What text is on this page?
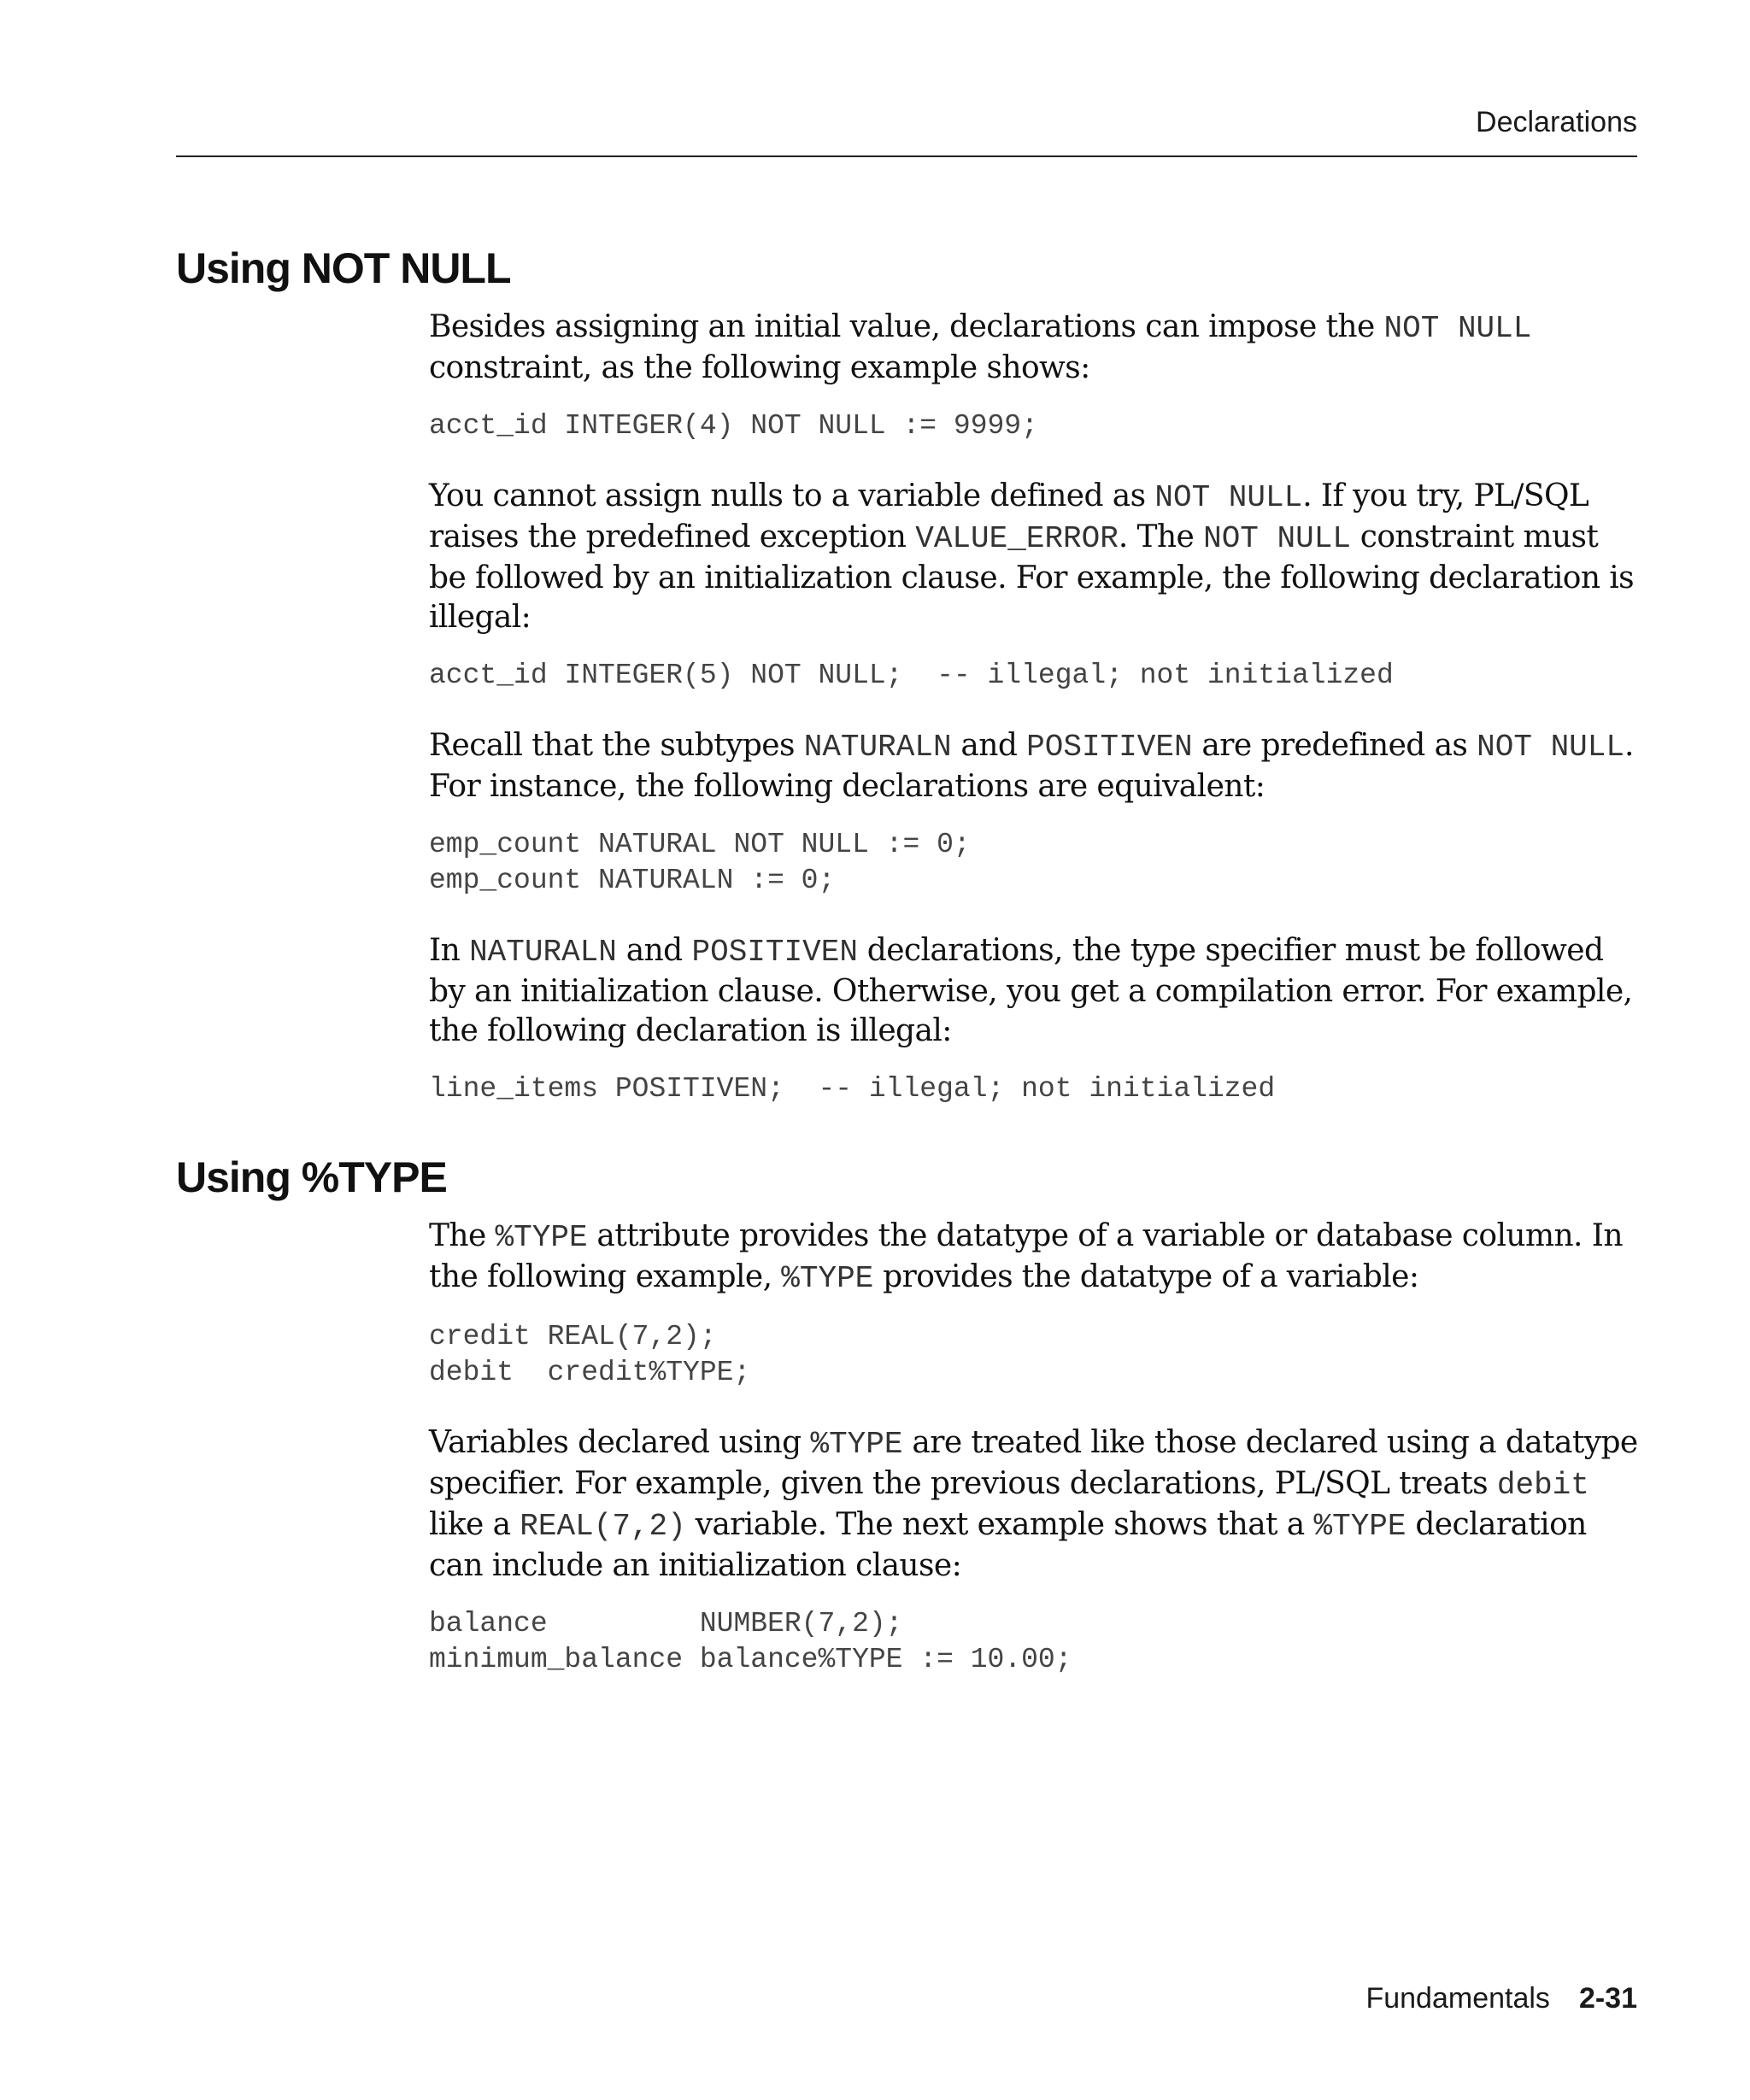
Declarations
Using NOT NULL

Besides assigning an initial value, declarations can impose the NOT NULL constraint, as the following example shows:

acct_id INTEGER(4) NOT NULL := 9999;

You cannot assign nulls to a variable defined as NOT NULL. If you try, PL/SQL raises the predefined exception VALUE_ERROR. The NOT NULL constraint must be followed by an initialization clause. For example, the following declaration is illegal:

acct_id INTEGER(5) NOT NULL;  -- illegal; not initialized

Recall that the subtypes NATURALN and POSITIVEN are predefined as NOT NULL. For instance, the following declarations are equivalent:

emp_count NATURAL NOT NULL := 0;
emp_count NATURALN := 0;

In NATURALN and POSITIVEN declarations, the type specifier must be followed by an initialization clause. Otherwise, you get a compilation error. For example, the following declaration is illegal:

line_items POSITIVEN;  -- illegal; not initialized
Using %TYPE

The %TYPE attribute provides the datatype of a variable or database column. In the following example, %TYPE provides the datatype of a variable:

credit REAL(7,2);
debit  credit%TYPE;

Variables declared using %TYPE are treated like those declared using a datatype specifier. For example, given the previous declarations, PL/SQL treats debit like a REAL(7,2) variable. The next example shows that a %TYPE declaration can include an initialization clause:

balance         NUMBER(7,2);
minimum_balance balance%TYPE := 10.00;
Fundamentals 2-31
